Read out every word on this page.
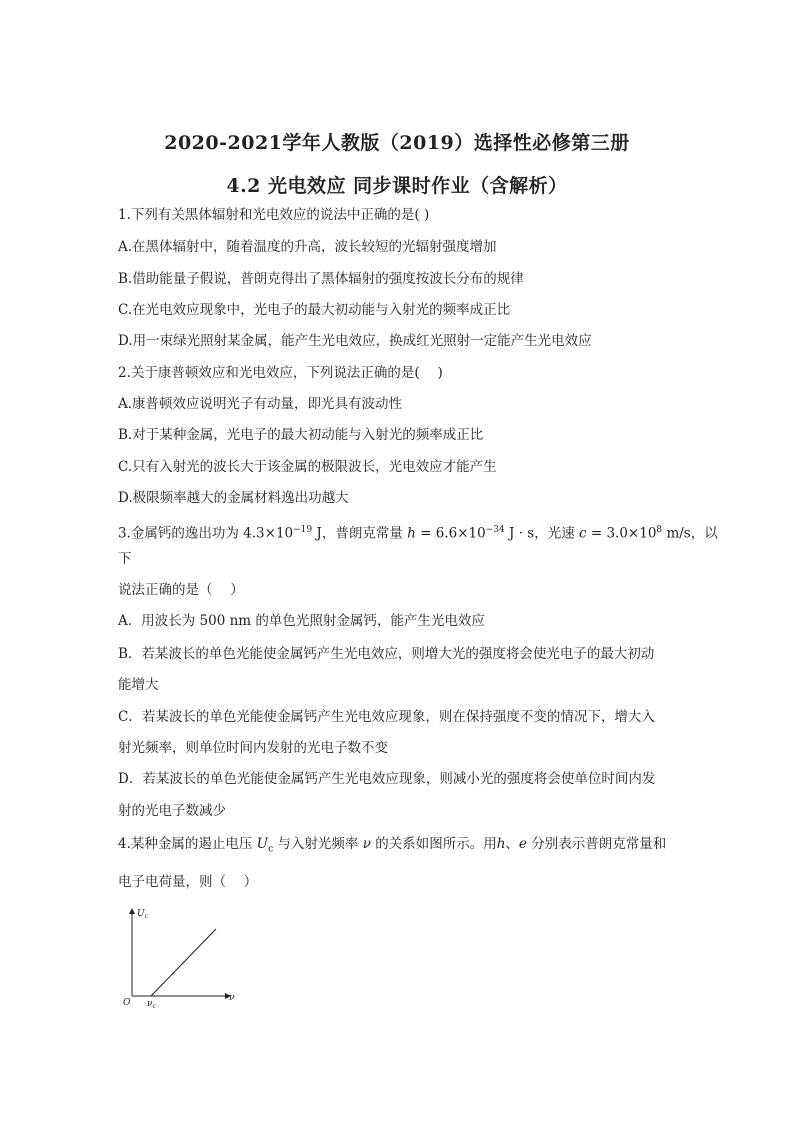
2020-2021学年人教版（2019）选择性必修第三册
4.2 光电效应 同步课时作业（含解析）
1.下列有关黑体辐射和光电效应的说法中正确的是( )
A.在黑体辐射中，随着温度的升高，波长较短的光辐射强度增加
B.借助能量子假说，普朗克得出了黑体辐射的强度按波长分布的规律
C.在光电效应现象中，光电子的最大初动能与入射光的频率成正比
D.用一束绿光照射某金属，能产生光电效应，换成红光照射一定能产生光电效应
2.关于康普顿效应和光电效应，下列说法正确的是(　 )
A.康普顿效应说明光子有动量，即光具有波动性
B.对于某种金属，光电子的最大初动能与入射光的频率成正比
C.只有入射光的波长大于该金属的极限波长，光电效应才能产生
D.极限频率越大的金属材料逸出功越大
3.金属钙的逸出功为 $4.3\times 10^{-19}$ J，普朗克常量 $h = 6.6\times 10^{-34}$ J · s，光速 $c = 3.0\times 10^8$ m/s，以
下
说法正确的是（　 ）
A．用波长为 500 nm 的单色光照射金属钙，能产生光电效应
B．若某波长的单色光能使金属钙产生光电效应，则增大光的强度将会使光电子的最大初动
能增大
C．若某波长的单色光能使金属钙产生光电效应现象，则在保持强度不变的情况下，增大入
射光频率，则单位时间内发射的光电子数不变
D．若某波长的单色光能使金属钙产生光电效应现象，则减小光的强度将会使单位时间内发
射的光电子数减少
4.某种金属的遏止电压 $U_c$ 与入射光频率 ν 的关系如图所示。用h、e 分别表示普朗克常量和
电子电荷量，则（　 ）
$U_c$
ν
O $\nu_c$
